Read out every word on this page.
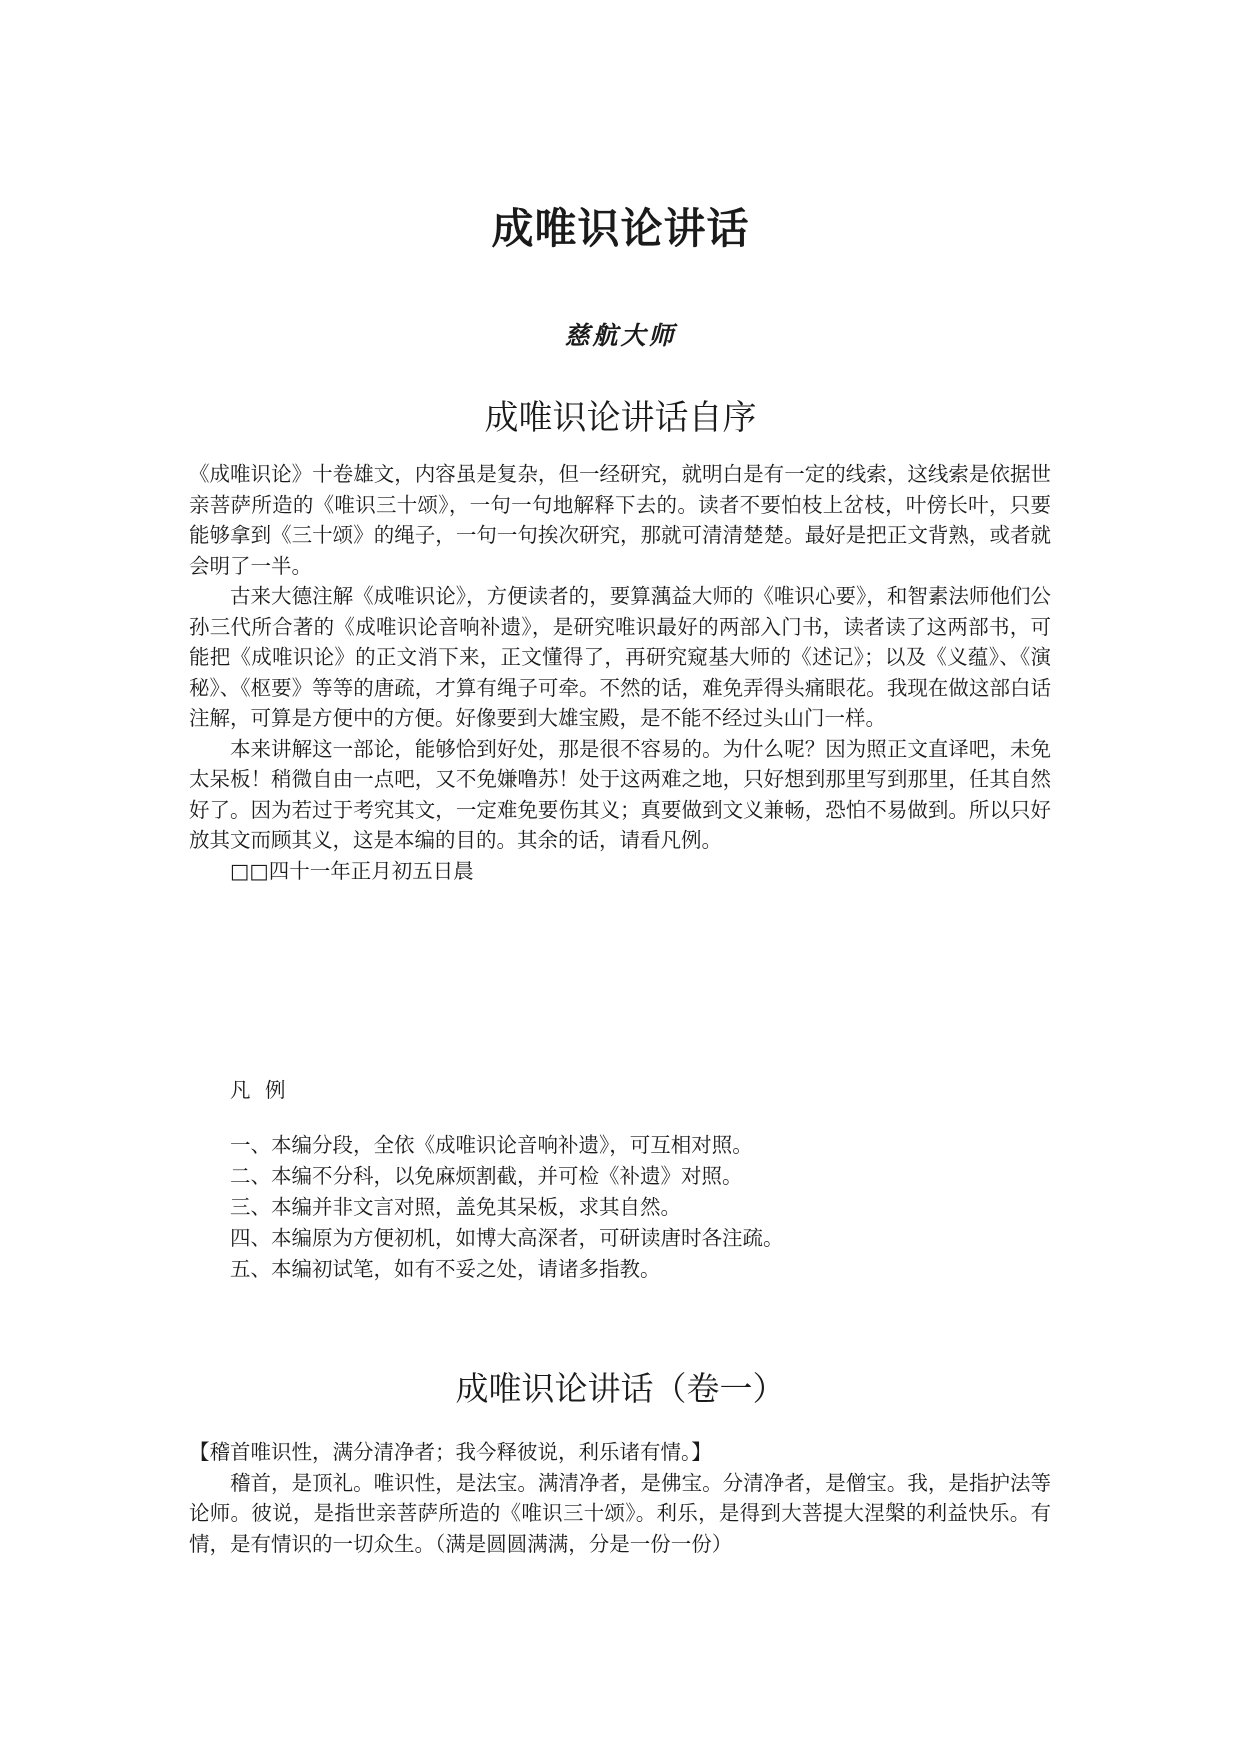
成唯识论讲话
慈航大师
成唯识论讲话自序

《成唯识论》十卷雄文，内容虽是复杂，但一经研究，就明白是有一定的线索，这线索是依据世亲菩萨所造的《唯识三十颂》，一句一句地解释下去的。读者不要怕枝上岔枝，叶傍长叶，只要能够拿到《三十颂》的绳子，一句一句挨次研究，那就可清清楚楚。最好是把正文背熟，或者就会明了一半。

古来大德注解《成唯识论》，方便读者的，要算蕅益大师的《唯识心要》，和智素法师他们公孙三代所合著的《成唯识论音响补遗》，是研究唯识最好的两部入门书，读者读了这两部书，可能把《成唯识论》的正文消下来，正文懂得了，再研究窥基大师的《述记》；以及《义蕴》、《演秘》、《枢要》等等的唐疏，才算有绳子可牵。不然的话，难免弄得头痛眼花。我现在做这部白话注解，可算是方便中的方便。好像要到大雄宝殿，是不能不经过头山门一样。

本来讲解这一部论，能够恰到好处，那是很不容易的。为什么呢？因为照正文直译吧，未免太呆板！稍微自由一点吧，又不免嫌噜苏！处于这两难之地，只好想到那里写到那里，任其自然好了。因为若过于考究其文，一定难免要伤其义；真要做到文义兼畅，恐怕不易做到。所以只好放其文而顾其义，这是本编的目的。其余的话，请看凡例。

□□四十一年正月初五日晨

凡 例
一、本编分段，全依《成唯识论音响补遗》，可互相对照。
二、本编不分科，以免麻烦割截，并可检《补遗》对照。
三、本编并非文言对照，盖免其呆板，求其自然。
四、本编原为方便初机，如博大高深者，可研读唐时各注疏。
五、本编初试笔，如有不妥之处，请诸多指教。
成唯识论讲话（卷一）

【稽首唯识性，满分清净者；我今释彼说，利乐诸有情。】

稽首，是顶礼。唯识性，是法宝。满清净者，是佛宝。分清净者，是僧宝。我，是指护法等论师。彼说，是指世亲菩萨所造的《唯识三十颂》。利乐，是得到大菩提大涅槃的利益快乐。有情，是有情识的一切众生。（满是圆圆满满，分是一份一份）
